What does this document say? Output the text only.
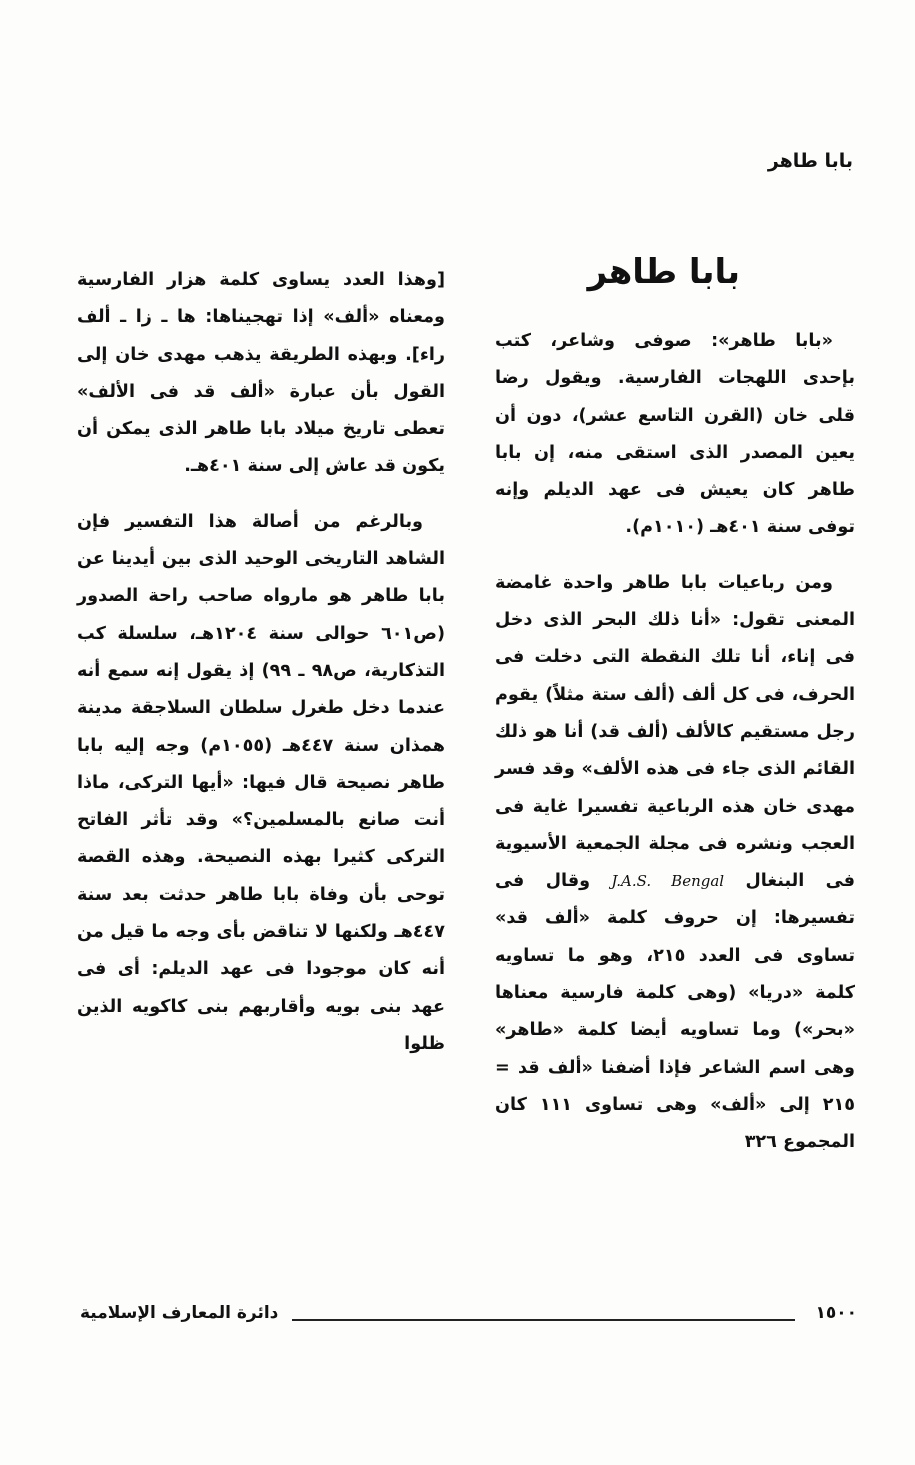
بابا طاهر
بابا طاهر

«بابا طاهر»: صوفى وشاعر، كتب بإحدى اللهجات الفارسية. ويقول رضا قلى خان (القرن التاسع عشر)، دون أن يعين المصدر الذى استقى منه، إن بابا طاهر كان يعيش فى عهد الديلم وإنه توفى سنة ٤٠١هـ (١٠١٠م).

ومن رباعيات بابا طاهر واحدة غامضة المعنى تقول: «أنا ذلك البحر الذى دخل فى إناء، أنا تلك النقطة التى دخلت فى الحرف، فى كل ألف (ألف ستة مثلاً) يقوم رجل مستقيم كالألف (ألف قد) أنا هو ذلك القائم الذى جاء فى هذه الألف» وقد فسر مهدى خان هذه الرباعية تفسيرا غاية فى العجب ونشره فى مجلة الجمعية الأسيوية فى البنغال J.A.S. Bengal وقال فى تفسيرها: إن حروف كلمة «ألف قد» تساوى فى العدد ٢١٥، وهو ما تساويه كلمة «دريا» (وهى كلمة فارسية معناها «بحر») وما تساويه أيضا كلمة «طاهر» وهى اسم الشاعر فإذا أضفنا «ألف قد = ٢١٥ إلى «ألف» وهى تساوى ١١١ كان المجموع ٣٢٦

[وهذا العدد يساوى كلمة هزار الفارسية ومعناه «ألف» إذا تهجيناها: ها ـ زا ـ ألف راء]. وبهذه الطريقة يذهب مهدى خان إلى القول بأن عبارة «ألف قد فى الألف» تعطى تاريخ ميلاد بابا طاهر الذى يمكن أن يكون قد عاش إلى سنة ٤٠١هـ.

وبالرغم من أصالة هذا التفسير فإن الشاهد التاريخى الوحيد الذى بين أيدينا عن بابا طاهر هو مارواه صاحب راحة الصدور (ص٦٠١ حوالى سنة ١٢٠٤هـ، سلسلة كب التذكارية، ص٩٨ ـ ٩٩) إذ يقول إنه سمع أنه عندما دخل طغرل سلطان السلاجقة مدينة همذان سنة ٤٤٧هـ (١٠٥٥م) وجه إليه بابا طاهر نصيحة قال فيها: «أيها التركى، ماذا أنت صانع بالمسلمين؟» وقد تأثر الفاتح التركى كثيرا بهذه النصيحة. وهذه القصة توحى بأن وفاة بابا طاهر حدثت بعد سنة ٤٤٧هـ ولكنها لا تناقض بأى وجه ما قيل من أنه كان موجودا فى عهد الديلم: أى فى عهد بنى بويه وأقاربهم بنى كاكويه الذين ظلوا

دائرة المعارف الإسلامية	١٥٠٠
